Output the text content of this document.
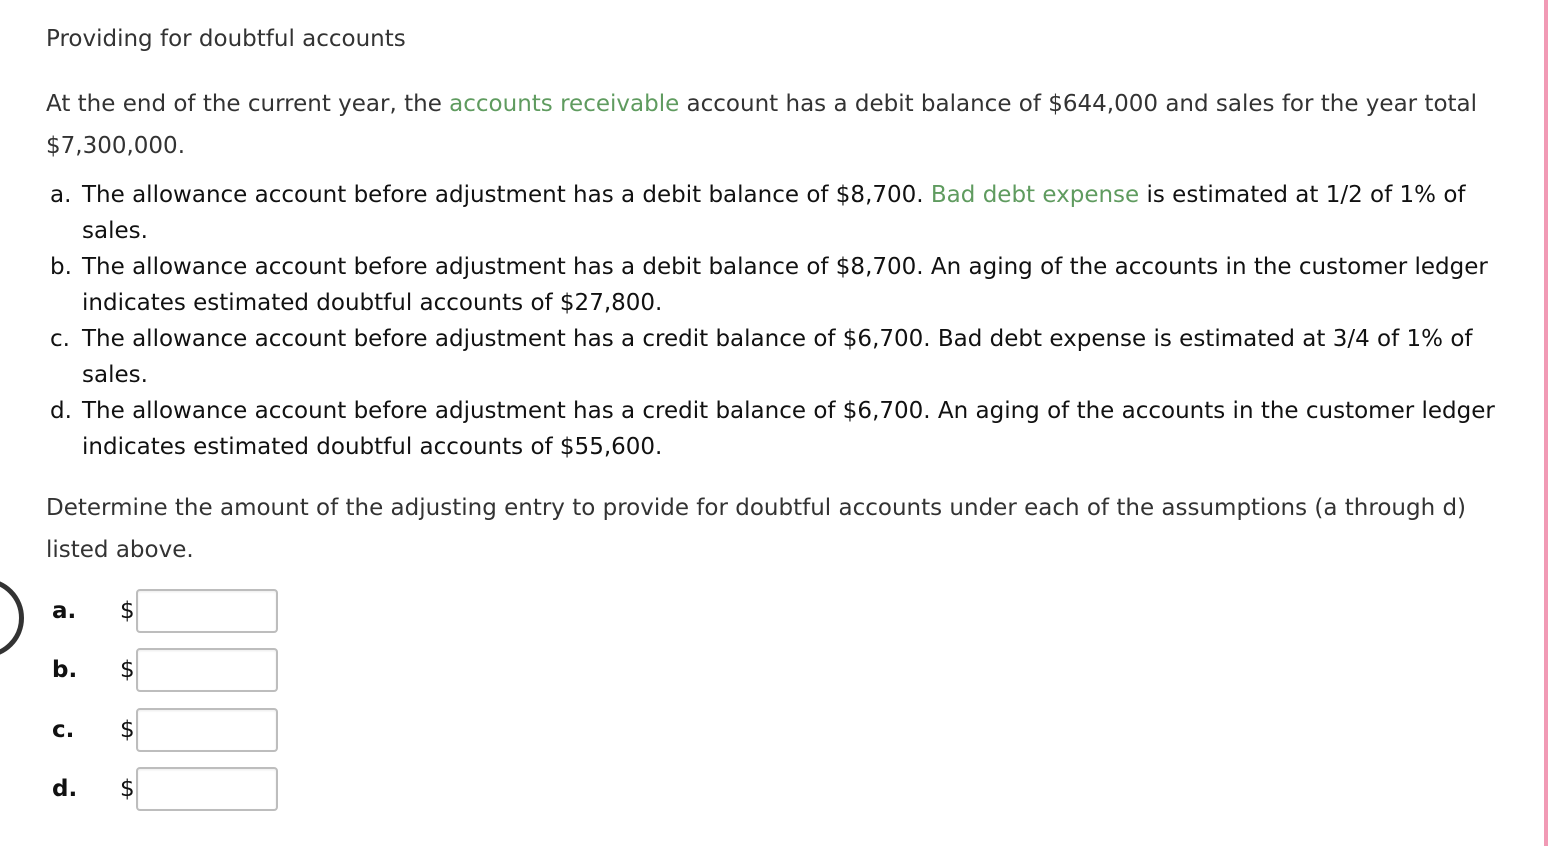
Providing for doubtful accounts
At the end of the current year, the accounts receivable account has a debit balance of $644,000 and sales for the year total $7,300,000.
a. The allowance account before adjustment has a debit balance of $8,700. Bad debt expense is estimated at 1/2 of 1% of sales.
b. The allowance account before adjustment has a debit balance of $8,700. An aging of the accounts in the customer ledger indicates estimated doubtful accounts of $27,800.
c. The allowance account before adjustment has a credit balance of $6,700. Bad debt expense is estimated at 3/4 of 1% of sales.
d. The allowance account before adjustment has a credit balance of $6,700. An aging of the accounts in the customer ledger indicates estimated doubtful accounts of $55,600.
Determine the amount of the adjusting entry to provide for doubtful accounts under each of the assumptions (a through d) listed above.
a. $
b. $
c. $
d. $
